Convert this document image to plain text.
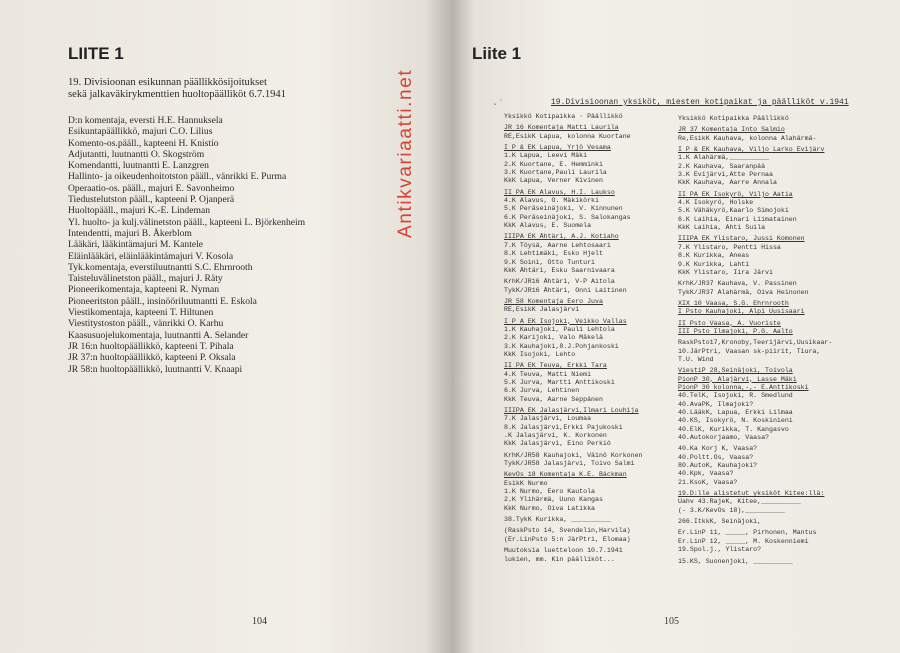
LIITE 1
19. Divisioonan esikunnan päällikkösijoitukset
sekä jalkaväkirykmenttien huoltopäälliköt 6.7.1941
D:n komentaja, eversti H.E. Hannuksela
Esikuntapäällikkö, majuri C.O. Lilius
Komento-os.pääll., kapteeni H. Knistio
Adjutantti, luutnantti O. Skogström
Komendantti, luutnantti E. Lanzgren
Hallinto- ja oikeudenhoitotston pääll., vänrikki E. Purma
Operaatio-os. pääll., majuri E. Savonheimo
Tiedustelutston pääll., kapteeni P. Ojanperä
Huoltopääll., majuri K.-E. Lindeman
Yl. huolto- ja kulj.välinetston pääll., kapteeni L. Björkenheim
Intendentti, majuri B. Åkerblom
Lääkäri, lääkintämajuri M. Kantele
Eläinlääkäri, eläinlääkintämajuri V. Kosola
Tyk.komentaja, everstiluutnantti S.C. Ehrnrooth
Taisteluvälinetston pääll., majuri J. Räty
Pioneerikomentaja, kapteeni R. Nyman
Pioneeritston pääll., insinööriluutnantti E. Eskola
Viestikomentaja, kapteeni T. Hiltunen
Viestitystoston pääll., vänrikki O. Karhu
Kaasusuojelukomentaja, luutnantti A. Selander
JR 16:n huoltopäällikkö, kapteeni T. Pihala
JR 37:n huoltopäällikkö, kapteeni P. Oksala
JR 58:n huoltopäällikkö, luutnantti V. Knaapi
Antikvariaatti.net
104
Liite 1
·˙	19.Divisioonan yksiköt, miesten kotipaikat ja päälliköt v.1941
Yksikkö Kotipaikka · Päällikkö
JR 16 Komentaja Matti Laurila
RE,EsikK Lapua, kolonna Kuortane
I P & EK Lapua, Yrjö Vesama
1.K Lapua, Leevi Mäki
2.K Kuortane, E. Hemminki
3.K Kuortane,Pauli Laurila
KkK Lapua, Verner Kivinen
II PA EK Alavus, H.I. Laukso
4.K Alavus, O. Mäkikörki
5.K Peräseinäjoki, V. Kinnunen
6.K Peräseinäjoki, S. Salokangas
KkK Alavus, E. Suomela
IIIPA EK Ähtäri, A.J. Kotiaho
7.K Töysä, Aarne Lehtosaari
8.K Lehtimäki, Esko Hjelt
9.K Soini, Otto Tunturi
KkK Ähtäri, Esku Saarnivaara
KrhK/JR16 Ähtäri, V-P Aitola
TykK/JR16 Ähtäri, Onni Laitinen
JR 58 Komentaja Eero Juva
RE,EsikK Jalasjärvi
I P A EK Isojoki, Veikko Vallas
1.K Kauhajoki, Pauli Lehtola
2.K Karijoki, Valo Mäkelä
3.K Kauhajoki,8.J.Pohjankoski
KkK Isojoki, Lehto
II PA EK Teuva, Erkki Tara
4.K Teuva, Matti Niemi
5.K Jurva, Martti Anttikoski
6.K Jurva, Lehtinen
KkK Teuva, Aarne Seppänen
IIIPA EK Jalasjärvi,Ilmari Louhija
7.K Jalasjärvi, Loumaa
8.K Jalasjärvi,Erkki Pajukoski
.K Jalasjärvi, K. Korkonen
KkK Jalasjärvi, Eino Perkiö
KrhK/JR58 Kauhajoki, Väinö Korkonen
TykK/JR58 Jalasjärvi, Toivo Salmi
KevOs 18 Komentaja K.E. Bäckman
EsikK Nurmo
1.K Nurmo, Eero Kautola
2.K Ylihärmä, Uuno Kangas
KkK Nurmo, Oiva Latikka
38.TykK Kurikka, __________
(RaskPsto 14, Svendelin,Harvila)
(Er.LinPsto 5:n JärPtri, Elomaa)
Muutoksia luetteloon 10.7.1941
lukien, mm. Kin päälliköt...
Yksikkö Kotipaikka Päällikkö
JR 37 Komentaja Into Salmio
Re,EsikK Kauhava, kolonna Alahärmä-
I P & EK Kauhava, Viljo Larko Evijärv
1.K Alahärmä,__________
2.K Kauhava, Saaranpää
3.K Evijärvi,Atte Pernaa
KkK Kauhava, Aarre Annala
II PA EK Isokyrö, Viljo Aatia
4.K Isokyrö, Holske
5.K Vähäkyrö,Kaarlo Simojoki
6.K Laihia, Einari Liimatainen
KkK Laihia, Ahti Suila
IIIPA EK Ylistaro, Jussi Komonen
7.K Ylistaro, Pentti Hissa
8.K Kurikka, Aneas
9.K Kurikka, Lahti
KkK Ylistaro, Iira Järvi
KrhK/JR37 Kauhava, V. Passinen
TykK/JR37 Alahärmä, Oiva Heinonen
XIX 10 Vaasa, S.G. Ehrnrooth
I Psto Kauhajoki, Alpi Uusisaari
II Psto Vaasa, A. Vuoriste
III Psto Ilmajoki, P.G. Aalto
RaskPsto17,Kronoby,Teerijärvi,Uusikaar-
10.JärPtri, Vaasan sk-piirit, Tiura,
T.U. Wind
ViestiP 28,Seinäjoki, Toivola
PionP 30, Alajärvi, Lasse Mäki
PionP 30 kolonna,-,- E.Anttikoski
40.TelK, Isojoki, R. Smedlund
40.AvaPK, Ilmajoki?
40.LääkK, Lapua, Erkki Lilmaa
40.KS, Isokyrö, N. Koskinieni
40.ElK, Kurikka, T. Kangasvo
40.Autokorjaamo, Vaasa?
40.Ka Korj K, Vaasa?
40.Poltt.Os, Vaasa?
80.AutoK, Kauhajoki?
40.Kpk, Vaasa?
21.KsoK, Vaasa?
19.D:lle alistetut yksiköt Kitee:llä:
Uahv 43.RajeK, Kitee,__________
(- 3.K/KevOs 18),__________
266.ItkkK, Seinäjoki,
Er.LinP 11, _____, Pirhonen, Mantus
Er.LinP 12, _____, M. Koskenniemi
19.Spol.j., Ylistaro?
15.KS, Suonenjoki, __________
105
